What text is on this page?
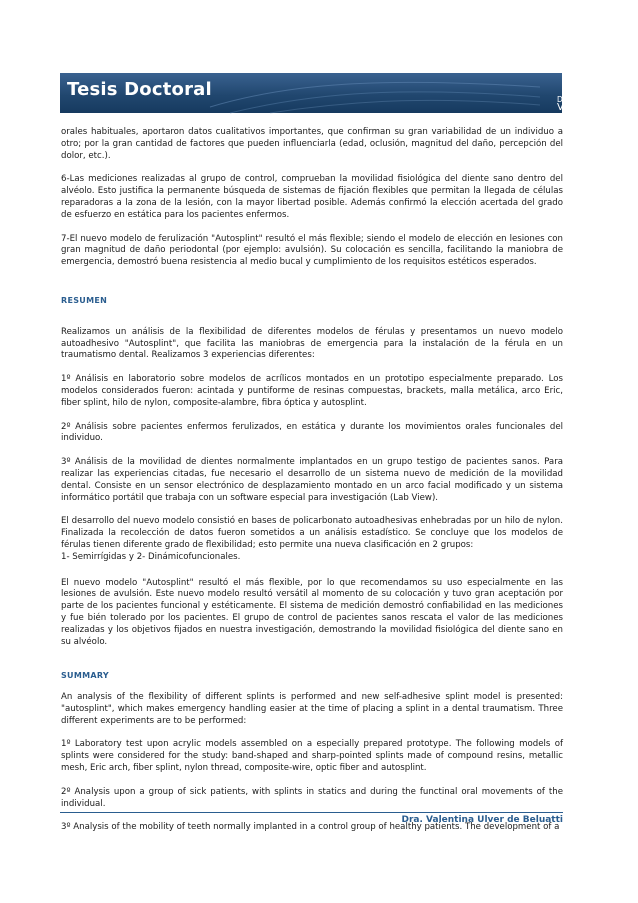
Tesis Doctoral	Dra.
Valentina

orales habituales, aportaron datos cualitativos importantes, que confirman su gran variabilidad de un individuo a otro; por la gran cantidad de factores que pueden influenciarla (edad, oclusión, magnitud del daño, percepción del dolor, etc.).

6-Las mediciones realizadas al grupo de control, comprueban la movilidad fisiológica del diente sano dentro del alvéolo. Esto justifica la permanente búsqueda de sistemas de fijación flexibles que permitan la llegada de células reparadoras a la zona de la lesión, con la mayor libertad posible. Además confirmó la elección acertada del grado de esfuerzo en estática para los pacientes enfermos.

7-El nuevo modelo de ferulización "Autosplint" resultó el más flexible; siendo el modelo de elección en lesiones con gran magnitud de daño periodontal (por ejemplo: avulsión). Su colocación es sencilla, facilitando la maniobra de emergencia, demostró buena resistencia al medio bucal y cumplimiento de los requisitos estéticos esperados.

RESUMEN

Realizamos un análisis de la flexibilidad de diferentes modelos de férulas y presentamos un nuevo modelo autoadhesivo "Autosplint", que facilita las maniobras de emergencia para la instalación de la férula en un traumatismo dental. Realizamos 3 experiencias diferentes:

1º Análisis en laboratorio sobre modelos de acrílicos montados en un prototipo especialmente preparado. Los modelos considerados fueron: acintada y puntiforme de resinas compuestas, brackets, malla metálica, arco Eric, fiber splint, hilo de nylon, composite-alambre, fibra óptica y autosplint.

2º Análisis sobre pacientes enfermos ferulizados, en estática y durante los movimientos orales funcionales del individuo.

3º Análisis de la movilidad de dientes normalmente implantados en un grupo testigo de pacientes sanos. Para realizar las experiencias citadas, fue necesario el desarrollo de un sistema nuevo de medición de la movilidad dental. Consiste en un sensor electrónico de desplazamiento montado en un arco facial modificado y un sistema informático portátil que trabaja con un software especial para investigación (Lab View).

El desarrollo del nuevo modelo consistió en bases de policarbonato autoadhesivas enhebradas por un hilo de nylon. Finalizada la recolección de datos fueron sometidos a un análisis estadístico. Se concluye que los modelos de férulas tienen diferente grado de flexibilidad; esto permite una nueva clasificación en 2 grupos:

1- Semirrígidas y 2- Dinámicofuncionales.

El nuevo modelo "Autosplint" resultó el más flexible, por lo que recomendamos su uso especialmente en las lesiones de avulsión. Este nuevo modelo resultó versátil al momento de su colocación y tuvo gran aceptación por parte de los pacientes funcional y estéticamente. El sistema de medición demostró confiabilidad en las mediciones y fue bién tolerado por los pacientes. El grupo de control de pacientes sanos rescata el valor de las mediciones realizadas y los objetivos fijados en nuestra investigación, demostrando la movilidad fisiológica del diente sano en su alvéolo.

SUMMARY

An analysis of the flexibility of different splints is performed and new self-adhesive splint model is presented: "autosplint", which makes emergency handling easier at the time of placing a splint in a dental traumatism. Three different experiments are to be performed:

1º Laboratory test upon acrylic models assembled on a especially prepared prototype. The following models of splints were considered for the study: band-shaped and sharp-pointed splints made of compound resins, metallic mesh, Eric arch, fiber splint, nylon thread, composite-wire, optic fiber and autosplint.

2º Analysis upon a group of sick patients, with splints in statics and during the functinal oral movements of the individual.

3º Analysis of the mobility of teeth normally implanted in a control group of healthy patients. The development of a

Dra. Valentina Ulver de Beluatti
